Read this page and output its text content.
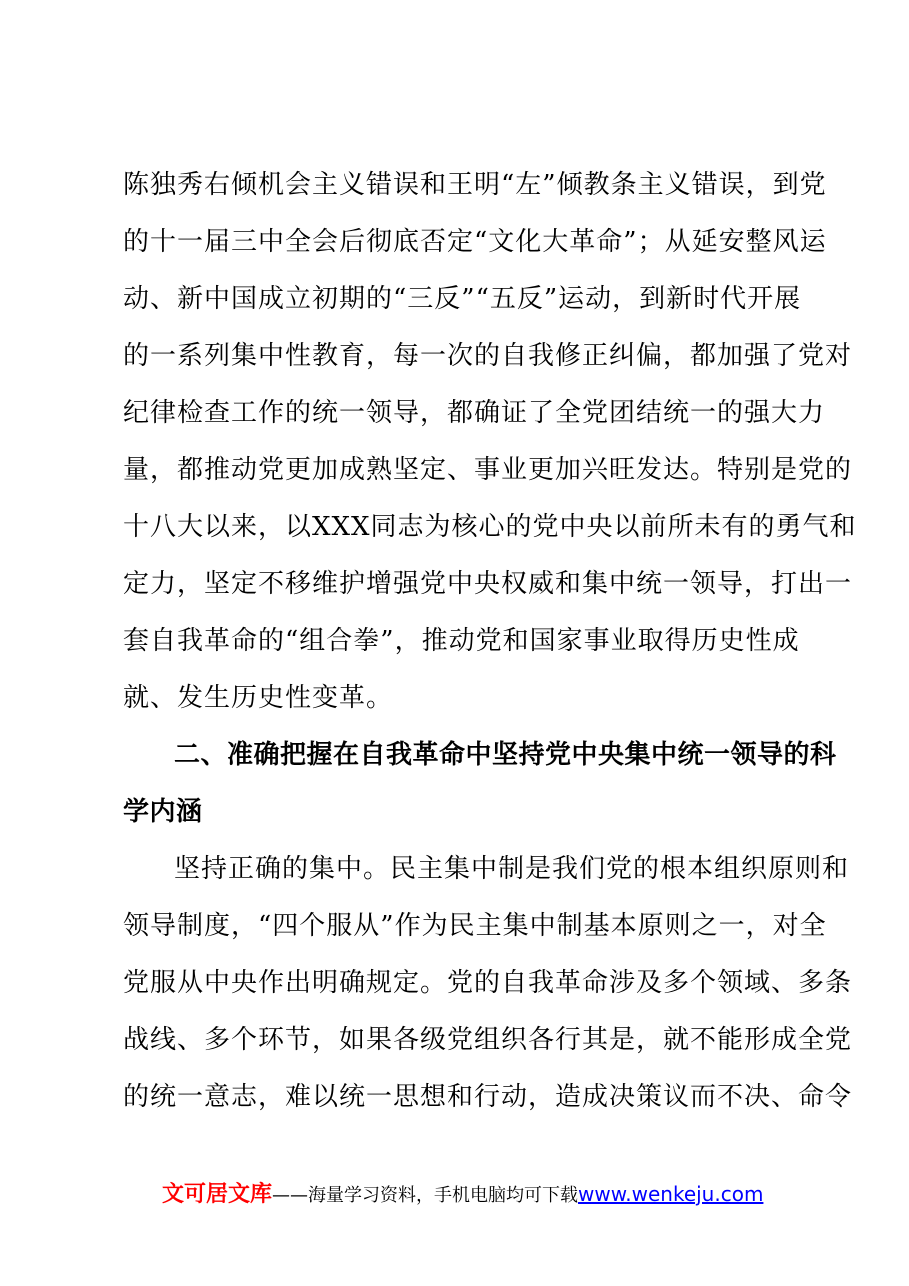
陈独秀右倾机会主义错误和王明“左”倾教条主义错误，到党
的十一届三中全会后彻底否定“文化大革命”；从延安整风运
动、新中国成立初期的“三反”“五反”运动，到新时代开展
的一系列集中性教育，每一次的自我修正纠偏，都加强了党对
纪律检查工作的统一领导，都确证了全党团结统一的强大力
量，都推动党更加成熟坚定、事业更加兴旺发达。特别是党的
十八大以来，以XXX同志为核心的党中央以前所未有的勇气和
定力，坚定不移维护增强党中央权威和集中统一领导，打出一
套自我革命的“组合拳”，推动党和国家事业取得历史性成
就、发生历史性变革。
二、准确把握在自我革命中坚持党中央集中统一领导的科
学内涵
坚持正确的集中。民主集中制是我们党的根本组织原则和
领导制度，“四个服从”作为民主集中制基本原则之一，对全
党服从中央作出明确规定。党的自我革命涉及多个领域、多条
战线、多个环节，如果各级党组织各行其是，就不能形成全党
的统一意志，难以统一思想和行动，造成决策议而不决、命令
文可居文库——海量学习资料，手机电脑均可下载www.wenkeju.com
